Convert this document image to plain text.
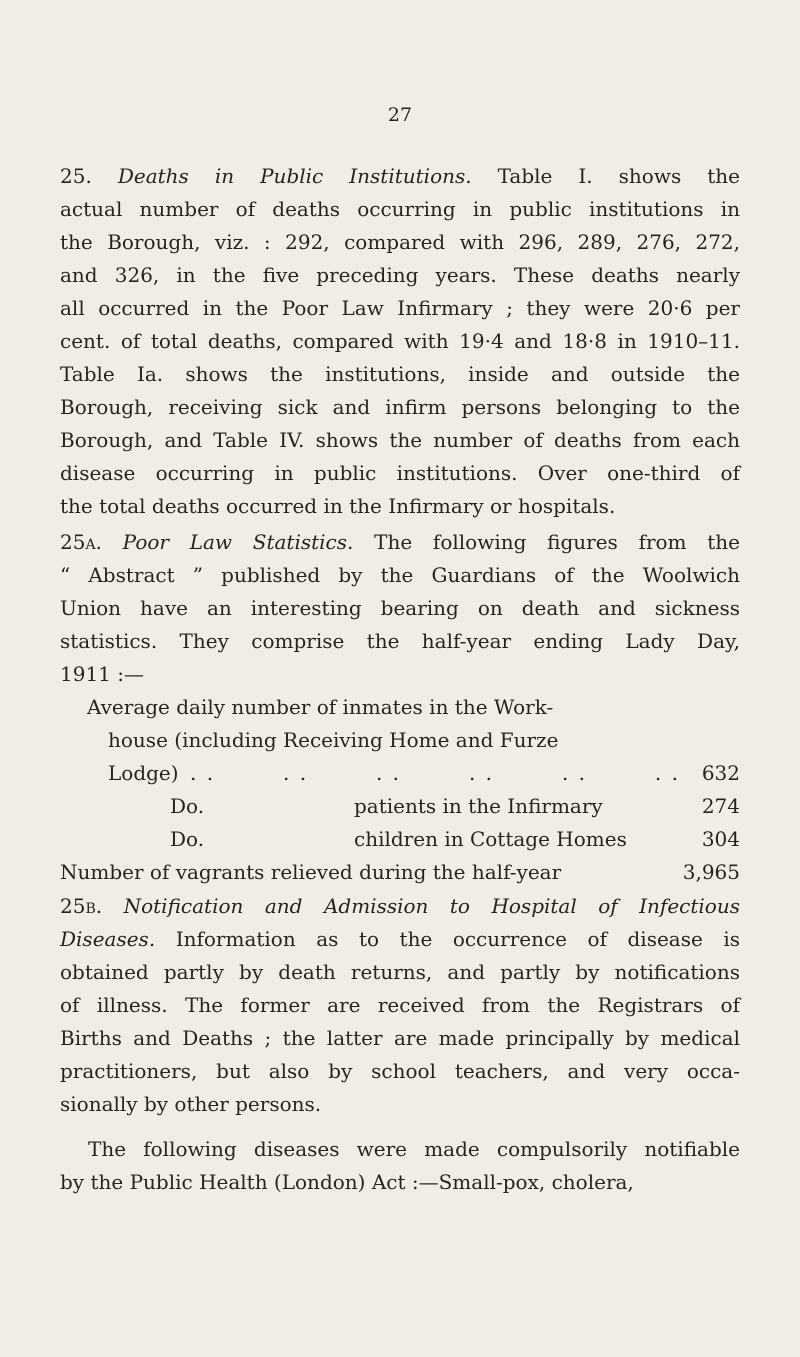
27

25. Deaths in Public Institutions. Table I. shows the
actual number of deaths occurring in public institutions in
the Borough, viz. : 292, compared with 296, 289, 276, 272,
and 326, in the five preceding years. These deaths nearly
all occurred in the Poor Law Infirmary ; they were 20·6 per
cent. of total deaths, compared with 19·4 and 18·8 in 1910–11.
Table Ia. shows the institutions, inside and outside the
Borough, receiving sick and infirm persons belonging to the
Borough, and Table IV. shows the number of deaths from each
disease occurring in public institutions. Over one-third of
the total deaths occurred in the Infirmary or hospitals.

25a. Poor Law Statistics. The following figures from the
“ Abstract ” published by the Guardians of the Woolwich
Union have an interesting bearing on death and sickness
statistics. They comprise the half-year ending Lady Day,
1911 :—

Average daily number of inmates in the Work-
house (including Receiving Home and Furze
Lodge) . .	. .	. .	. .	. .	. . 632
Do.	patients in the Infirmary	274
Do.	children in Cottage Homes	304
Number of vagrants relieved during the half-year	3,965

25b. Notification and Admission to Hospital of Infectious
Diseases. Information as to the occurrence of disease is
obtained partly by death returns, and partly by notifications
of illness. The former are received from the Registrars of
Births and Deaths ; the latter are made principally by medical
practitioners, but also by school teachers, and very occa-
sionally by other persons.

The following diseases were made compulsorily notifiable
by the Public Health (London) Act :—Small-pox, cholera,
